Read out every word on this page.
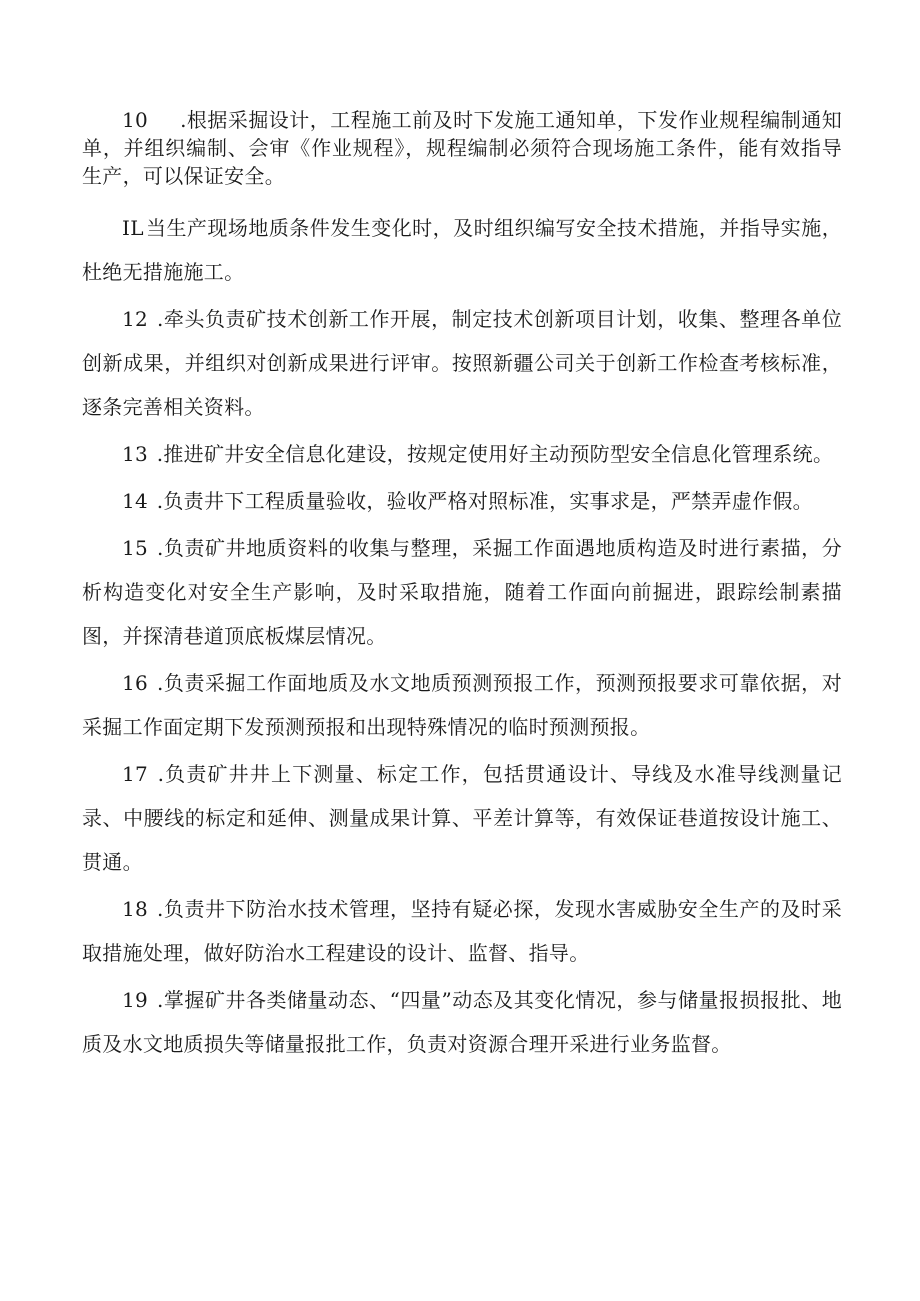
10 .根据采掘设计，工程施工前及时下发施工通知单，下发作业规程编制通知单，并组织编制、会审《作业规程》，规程编制必须符合现场施工条件，能有效指导生产，可以保证安全。

IL 当生产现场地质条件发生变化时，及时组织编写安全技术措施，并指导实施，杜绝无措施施工。

12 .牵头负责矿技术创新工作开展，制定技术创新项目计划，收集、整理各单位创新成果，并组织对创新成果进行评审。按照新疆公司关于创新工作检查考核标准，逐条完善相关资料。

13 .推进矿井安全信息化建设，按规定使用好主动预防型安全信息化管理系统。

14 .负责井下工程质量验收，验收严格对照标准，实事求是，严禁弄虚作假。

15 .负责矿井地质资料的收集与整理，采掘工作面遇地质构造及时进行素描，分析构造变化对安全生产影响，及时采取措施，随着工作面向前掘进，跟踪绘制素描图，并探清巷道顶底板煤层情况。

16 .负责采掘工作面地质及水文地质预测预报工作，预测预报要求可靠依据，对采掘工作面定期下发预测预报和出现特殊情况的临时预测预报。

17 .负责矿井井上下测量、标定工作，包括贯通设计、导线及水准导线测量记录、中腰线的标定和延伸、测量成果计算、平差计算等，有效保证巷道按设计施工、贯通。

18 .负责井下防治水技术管理，坚持有疑必探，发现水害威胁安全生产的及时采取措施处理，做好防治水工程建设的设计、监督、指导。

19 .掌握矿井各类储量动态、“四量”动态及其变化情况，参与储量报损报批、地质及水文地质损失等储量报批工作，负责对资源合理开采进行业务监督。
